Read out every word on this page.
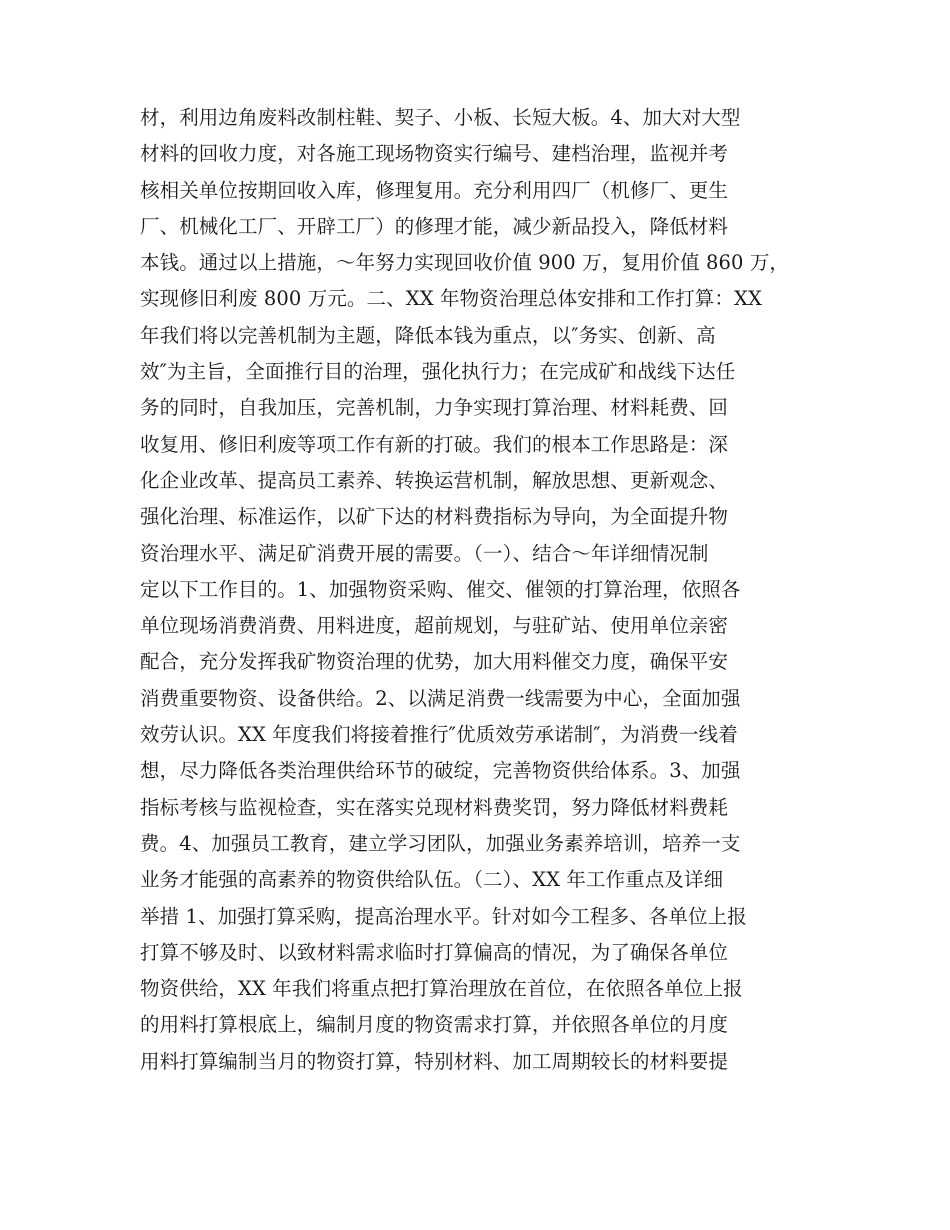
材，利用边角废料改制柱鞋、契子、小板、长短大板。4、加大对大型
材料的回收力度，对各施工现场物资实行编号、建档治理，监视并考
核相关单位按期回收入库，修理复用。充分利用四厂（机修厂、更生
厂、机械化工厂、开辟工厂）的修理才能，减少新品投入，降低材料
本钱。通过以上措施，～年努力实现回收价值 900 万，复用价值 860 万，
实现修旧利废 800 万元。二、XX 年物资治理总体安排和工作打算：XX
年我们将以完善机制为主题，降低本钱为重点，以″务实、创新、高
效″为主旨，全面推行目的治理，强化执行力；在完成矿和战线下达任
务的同时，自我加压，完善机制，力争实现打算治理、材料耗费、回
收复用、修旧利废等项工作有新的打破。我们的根本工作思路是：深
化企业改革、提高员工素养、转换运营机制，解放思想、更新观念、
强化治理、标准运作，以矿下达的材料费指标为导向，为全面提升物
资治理水平、满足矿消费开展的需要。（一）、结合～年详细情况制
定以下工作目的。1、加强物资采购、催交、催领的打算治理，依照各
单位现场消费消费、用料进度，超前规划，与驻矿站、使用单位亲密
配合，充分发挥我矿物资治理的优势，加大用料催交力度，确保平安
消费重要物资、设备供给。2、以满足消费一线需要为中心，全面加强
效劳认识。XX 年度我们将接着推行″优质效劳承诺制″，为消费一线着
想，尽力降低各类治理供给环节的破绽，完善物资供给体系。3、加强
指标考核与监视检查，实在落实兑现材料费奖罚，努力降低材料费耗
费。4、加强员工教育，建立学习团队，加强业务素养培训，培养一支
业务才能强的高素养的物资供给队伍。（二）、XX 年工作重点及详细
举措 1、加强打算采购，提高治理水平。针对如今工程多、各单位上报
打算不够及时、以致材料需求临时打算偏高的情况，为了确保各单位
物资供给，XX 年我们将重点把打算治理放在首位，在依照各单位上报
的用料打算根底上，编制月度的物资需求打算，并依照各单位的月度
用料打算编制当月的物资打算，特别材料、加工周期较长的材料要提
